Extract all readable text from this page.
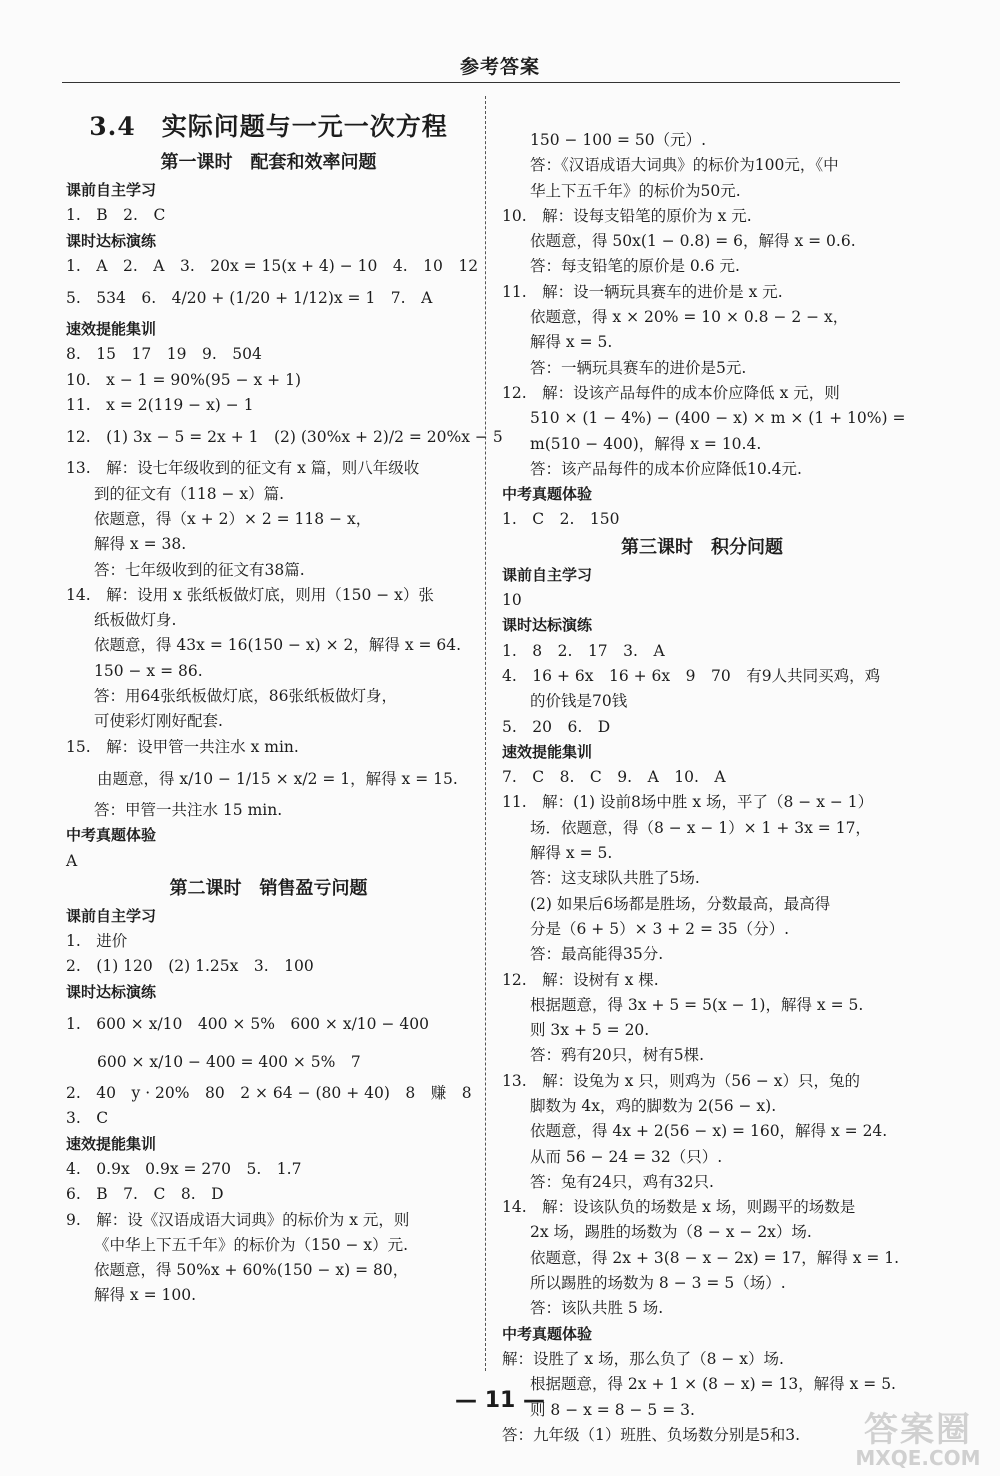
参考答案
3.4　实际问题与一元一次方程
第一课时　配套和效率问题
课前自主学习
1.　B　2.　C
课时达标演练
1.　A　2.　A　3.　20x = 15(x + 4) − 10　4.　10　12
5.　534　6.　4/20 + (1/20 + 1/12)x = 1　7.　A
速效提能集训
8.　15　17　19　9.　504
10.　x − 1 = 90%(95 − x + 1)
11.　x = 2(119 − x) − 1
12.　(1) 3x − 5 = 2x + 1　(2) (30%x + 2)/2 = 20%x − 5
13.　解：设七年级收到的征文有 x 篇，则八年级收
到的征文有（118 − x）篇.
依题意，得（x + 2）× 2 = 118 − x，
解得 x = 38.
答：七年级收到的征文有38篇.
14.　解：设用 x 张纸板做灯底，则用（150 − x）张
纸板做灯身.
依题意，得 43x = 16(150 − x) × 2，解得 x = 64.
150 − x = 86.
答：用64张纸板做灯底，86张纸板做灯身，
可使彩灯刚好配套.
15.　解：设甲管一共注水 x min.
　　由题意，得 x/10 − 1/15 × x/2 = 1，解得 x = 15.
答：甲管一共注水 15 min.
中考真题体验
A
第二课时　销售盈亏问题
课前自主学习
1.　进价
2.　(1) 120　(2) 1.25x　3.　100
课时达标演练
1.　600 × x/10　400 × 5%　600 × x/10 − 400
　　600 × x/10 − 400 = 400 × 5%　7
2.　40　y · 20%　80　2 × 64 − (80 + 40)　8　赚　8
3.　C
速效提能集训
4.　0.9x　0.9x = 270　5.　1.7
6.　B　7.　C　8.　D
9.　解：设《汉语成语大词典》的标价为 x 元，则
《中华上下五千年》的标价为（150 − x）元.
依题意，得 50%x + 60%(150 − x) = 80，
解得 x = 100.
150 − 100 = 50（元）.
答：《汉语成语大词典》的标价为100元，《中
华上下五千年》的标价为50元.
10.　解：设每支铅笔的原价为 x 元.
依题意，得 50x(1 − 0.8) = 6，解得 x = 0.6.
答：每支铅笔的原价是 0.6 元.
11.　解：设一辆玩具赛车的进价是 x 元.
依题意，得 x × 20% = 10 × 0.8 − 2 − x，
解得 x = 5.
答：一辆玩具赛车的进价是5元.
12.　解：设该产品每件的成本价应降低 x 元，则
510 × (1 − 4%) − (400 − x) × m × (1 + 10%) =
m(510 − 400)，解得 x = 10.4.
答：该产品每件的成本价应降低10.4元.
中考真题体验
1.　C　2.　150
第三课时　积分问题
课前自主学习
10
课时达标演练
1.　8　2.　17　3.　A
4.　16 + 6x　16 + 6x　9　70　有9人共同买鸡，鸡
的价钱是70钱
5.　20　6.　D
速效提能集训
7.　C　8.　C　9.　A　10.　A
11.　解：(1) 设前8场中胜 x 场，平了（8 − x − 1）
场．依题意，得（8 − x − 1）× 1 + 3x = 17，
解得 x = 5.
答：这支球队共胜了5场.
(2) 如果后6场都是胜场，分数最高，最高得
分是（6 + 5）× 3 + 2 = 35（分）.
答：最高能得35分.
12.　解：设树有 x 棵.
根据题意，得 3x + 5 = 5(x − 1)，解得 x = 5.
则 3x + 5 = 20.
答：鸦有20只，树有5棵.
13.　解：设兔为 x 只，则鸡为（56 − x）只，兔的
脚数为 4x，鸡的脚数为 2(56 − x).
依题意，得 4x + 2(56 − x) = 160，解得 x = 24.
从而 56 − 24 = 32（只）.
答：兔有24只，鸡有32只.
14.　解：设该队负的场数是 x 场，则踢平的场数是
2x 场，踢胜的场数为（8 − x − 2x）场.
依题意，得 2x + 3(8 − x − 2x) = 17，解得 x = 1.
所以踢胜的场数为 8 − 3 = 5（场）.
答：该队共胜 5 场.
中考真题体验
解：设胜了 x 场，那么负了（8 − x）场.
根据题意，得 2x + 1 × (8 − x) = 13，解得 x = 5.
则 8 − x = 8 − 5 = 3.
答：九年级（1）班胜、负场数分别是5和3.
— 11 —
答案圈
MXQE.COM
